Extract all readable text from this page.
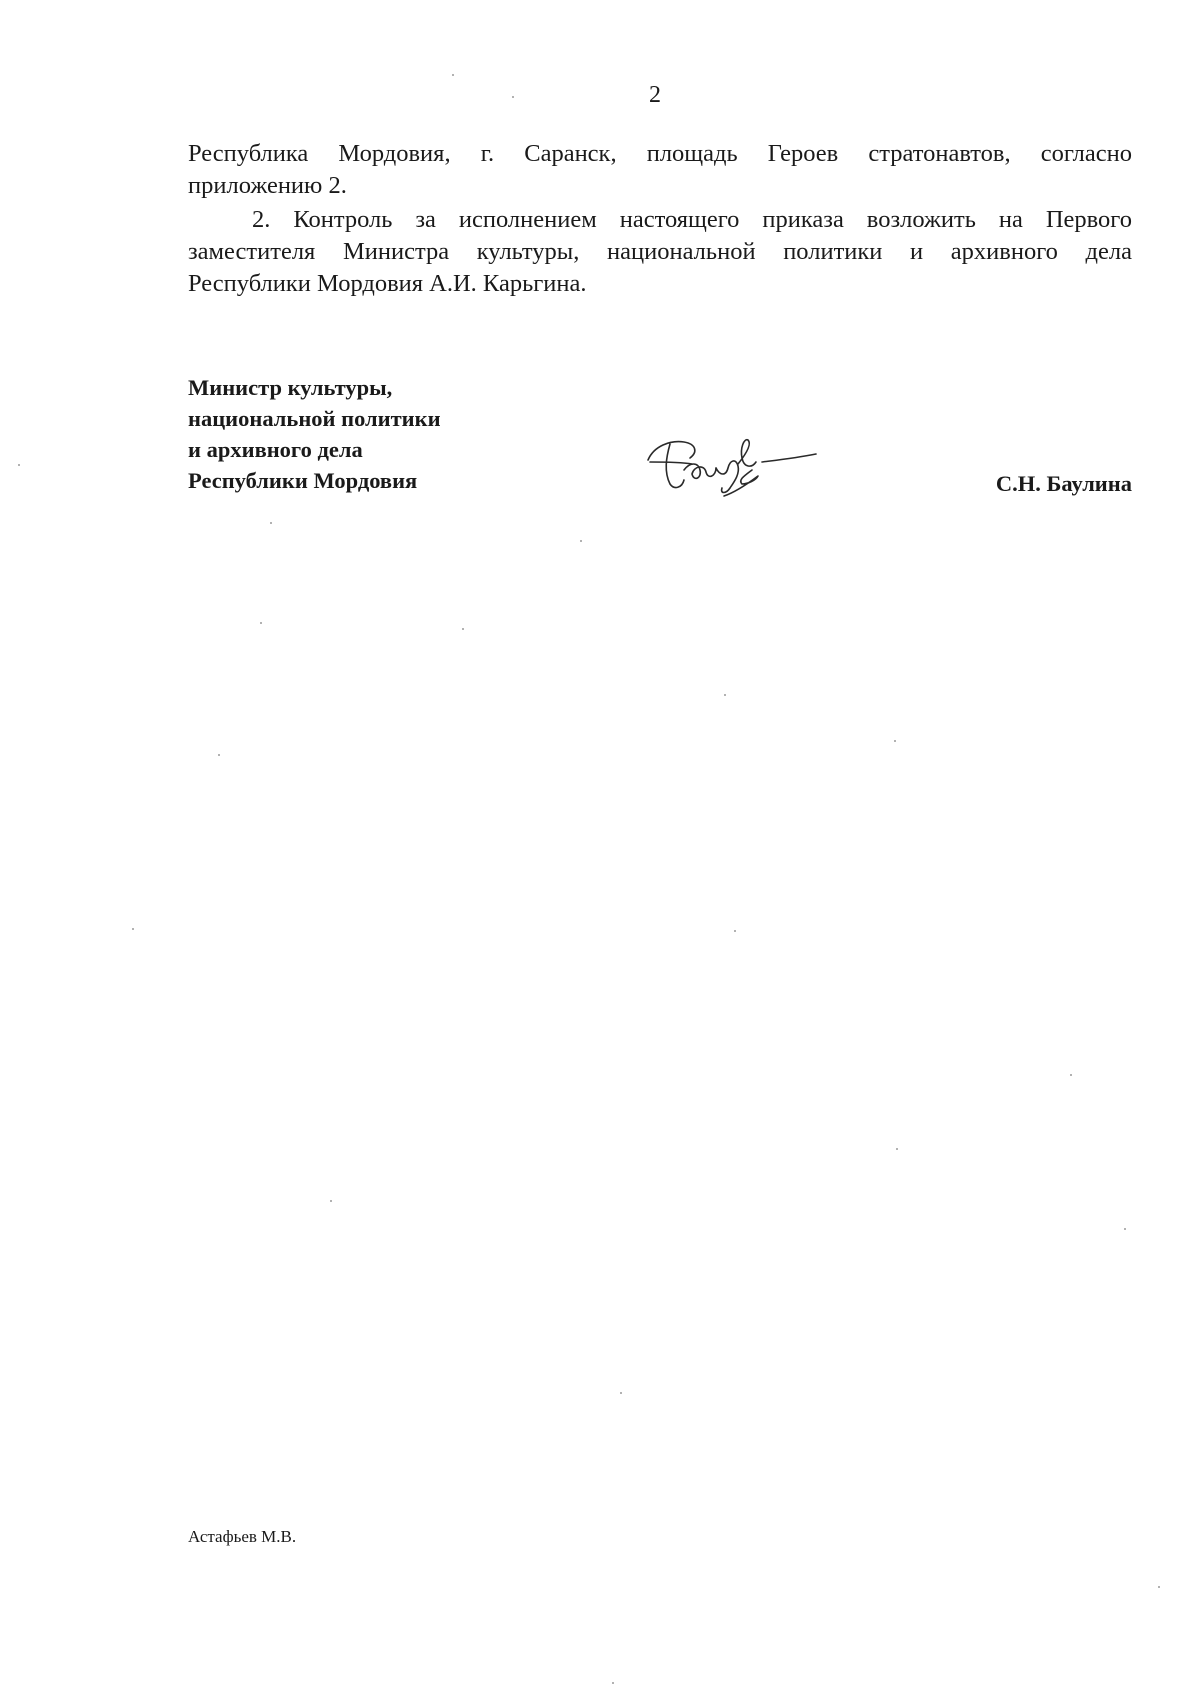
2
Республика Мордовия, г. Саранск, площадь Героев стратонавтов, согласно
приложению 2.
2. Контроль за исполнением настоящего приказа возложить на Первого
заместителя Министра культуры, национальной политики и архивного дела
Республики Мордовия А.И. Карьгина.
Министр культуры,
национальной политики
и архивного дела
Республики Мордовия	С.Н. Баулина
Астафьев М.В.
